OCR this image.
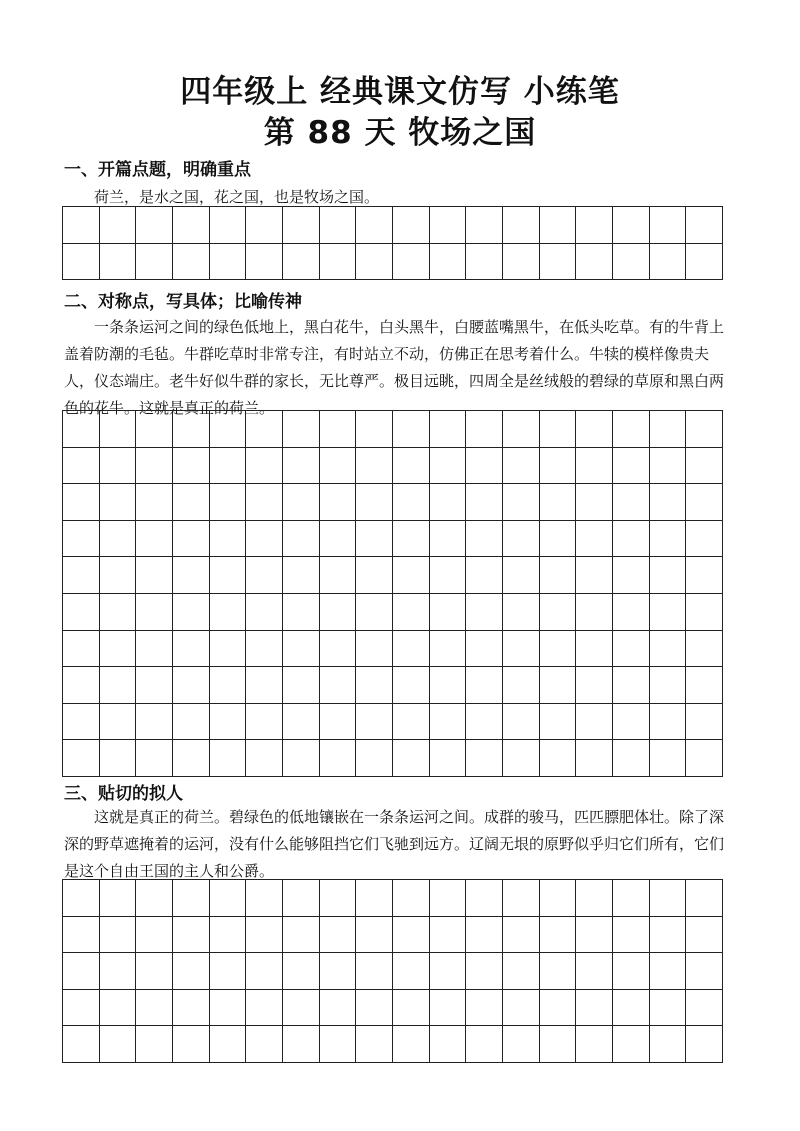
四年级上 经典课文仿写 小练笔
第 88 天 牧场之国
一、开篇点题，明确重点
荷兰，是水之国，花之国，也是牧场之国。
二、对称点，写具体；比喻传神
一条条运河之间的绿色低地上，黑白花牛，白头黑牛，白腰蓝嘴黑牛，在低头吃草。有的牛背上盖着防潮的毛毡。牛群吃草时非常专注，有时站立不动，仿佛正在思考着什么。牛犊的模样像贵夫人，仪态端庄。老牛好似牛群的家长，无比尊严。极目远眺，四周全是丝绒般的碧绿的草原和黑白两色的花牛。这就是真正的荷兰。
三、贴切的拟人
这就是真正的荷兰。碧绿色的低地镶嵌在一条条运河之间。成群的骏马，匹匹膘肥体壮。除了深深的野草遮掩着的运河，没有什么能够阻挡它们飞驰到远方。辽阔无垠的原野似乎归它们所有，它们是这个自由王国的主人和公爵。
